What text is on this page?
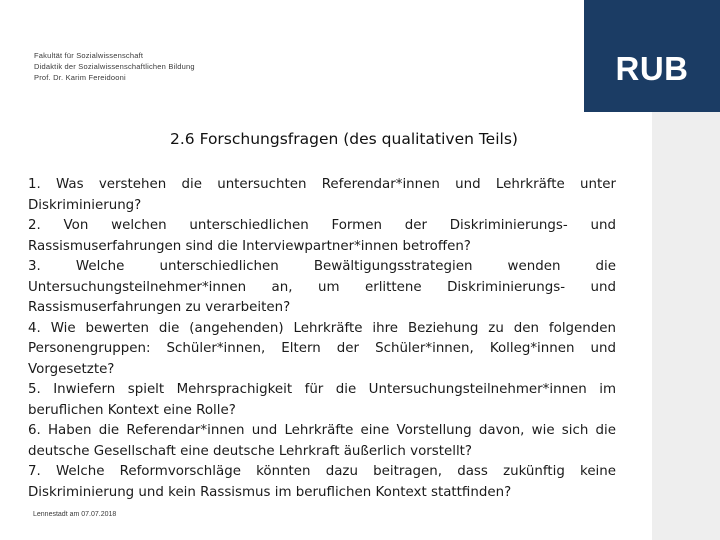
RUB
Fakultät für Sozialwissenschaft
Didaktik der Sozialwissenschaftlichen Bildung
Prof. Dr. Karim Fereidooni
2.6 Forschungsfragen (des qualitativen Teils)
1. Was verstehen die untersuchten Referendar*innen und Lehrkräfte unter Diskriminierung?
2. Von welchen unterschiedlichen Formen der Diskriminierungs- und Rassismuserfahrungen sind die Interviewpartner*innen betroffen?
3. Welche unterschiedlichen Bewältigungsstrategien wenden die Untersuchungsteilnehmer*innen an, um erlittene Diskriminierungs- und Rassismuserfahrungen zu verarbeiten?
4. Wie bewerten die (angehenden) Lehrkräfte ihre Beziehung zu den folgenden Personengruppen: Schüler*innen, Eltern der Schüler*innen, Kolleg*innen und Vorgesetzte?
5. Inwiefern spielt Mehrsprachigkeit für die Untersuchungsteilnehmer*innen im beruflichen Kontext eine Rolle?
6. Haben die Referendar*innen und Lehrkräfte eine Vorstellung davon, wie sich die deutsche Gesellschaft eine deutsche Lehrkraft äußerlich vorstellt?
7. Welche Reformvorschläge könnten dazu beitragen, dass zukünftig keine Diskriminierung und kein Rassismus im beruflichen Kontext stattfinden?
Lennestadt am 07.07.2018
